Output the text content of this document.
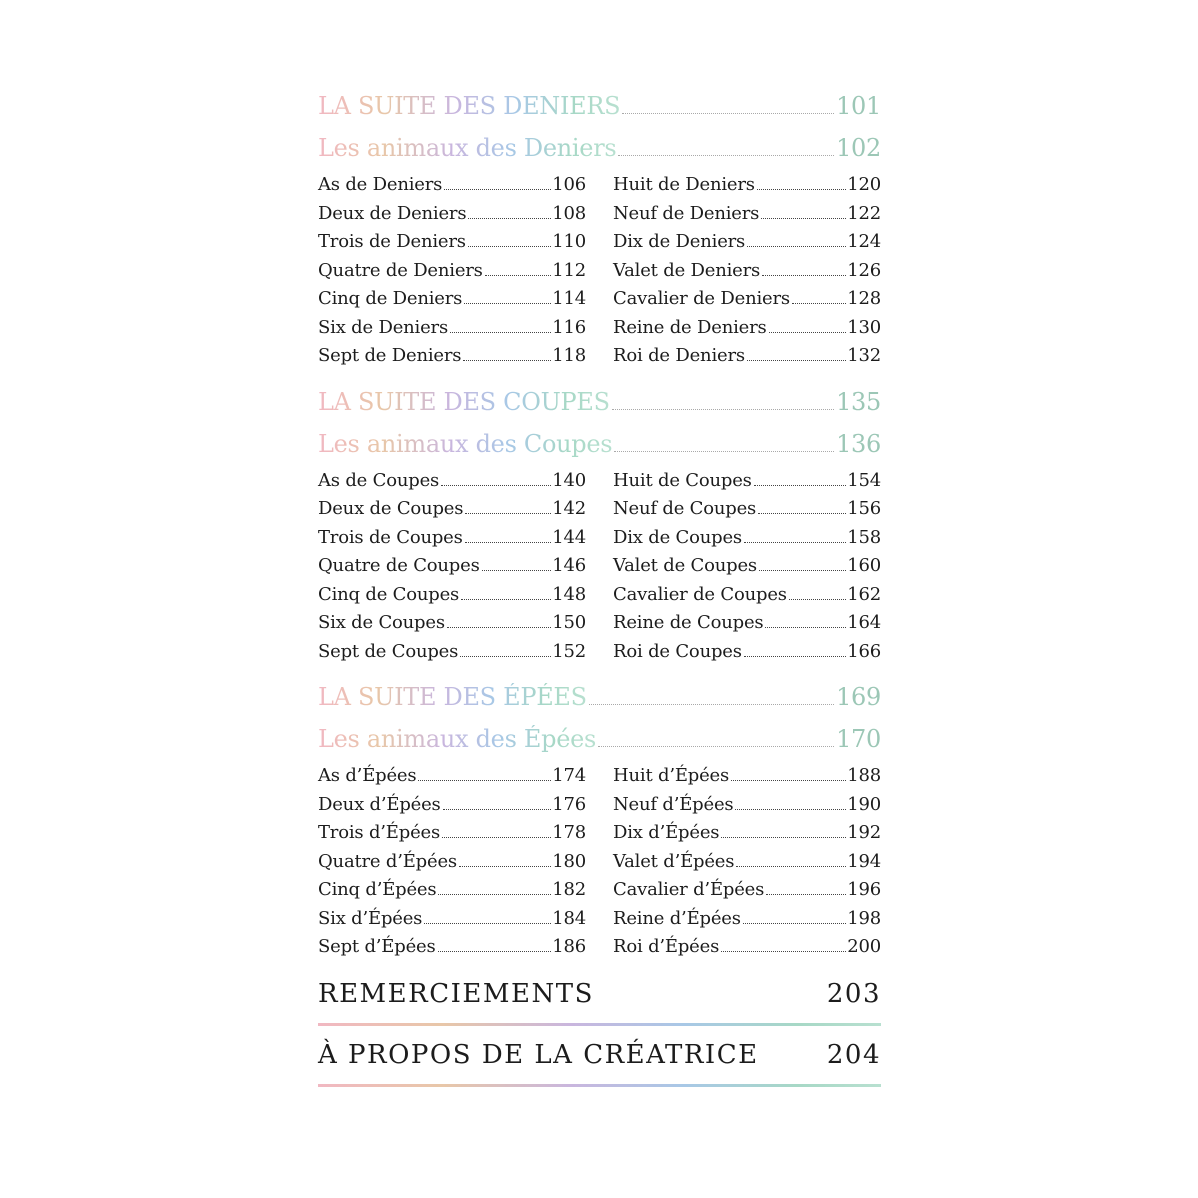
LA SUITE DES DENIERS	101
Les animaux des Deniers	102
As de Deniers	106
Deux de Deniers	108
Trois de Deniers	110
Quatre de Deniers	112
Cinq de Deniers	114
Six de Deniers	116
Sept de Deniers	118
Huit de Deniers	120
Neuf de Deniers	122
Dix de Deniers	124
Valet de Deniers	126
Cavalier de Deniers	128
Reine de Deniers	130
Roi de Deniers	132
LA SUITE DES COUPES	135
Les animaux des Coupes	136
As de Coupes	140
Deux de Coupes	142
Trois de Coupes	144
Quatre de Coupes	146
Cinq de Coupes	148
Six de Coupes	150
Sept de Coupes	152
Huit de Coupes	154
Neuf de Coupes	156
Dix de Coupes	158
Valet de Coupes	160
Cavalier de Coupes	162
Reine de Coupes	164
Roi de Coupes	166
LA SUITE DES ÉPÉES	169
Les animaux des Épées	170
As d’Épées	174
Deux d’Épées	176
Trois d’Épées	178
Quatre d’Épées	180
Cinq d’Épées	182
Six d’Épées	184
Sept d’Épées	186
Huit d’Épées	188
Neuf d’Épées	190
Dix d’Épées	192
Valet d’Épées	194
Cavalier d’Épées	196
Reine d’Épées	198
Roi d’Épées	200
REMERCIEMENTS	203
À PROPOS DE LA CRÉATRICE	204
